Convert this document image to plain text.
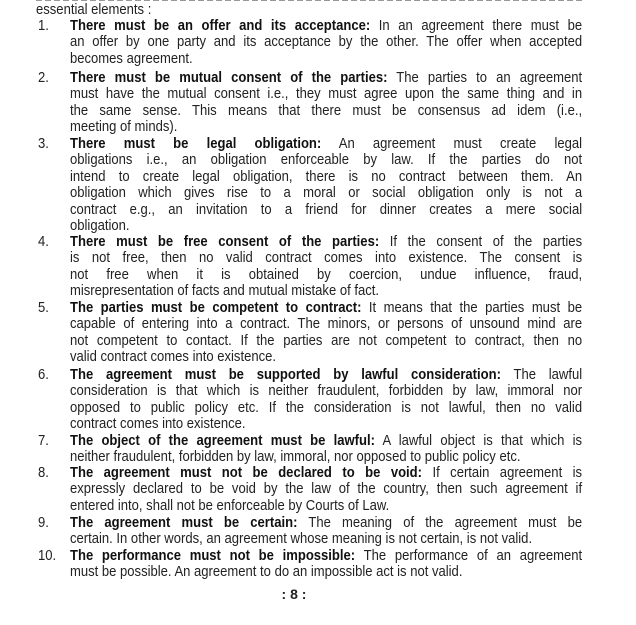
essential elements :
1. There must be an offer and its acceptance: In an agreement there must be
an offer by one party and its acceptance by the other. The offer when accepted
becomes agreement.
2. There must be mutual consent of the parties: The parties to an agreement
must have the mutual consent i.e., they must agree upon the same thing and in
the same sense. This means that there must be consensus ad idem (i.e.,
meeting of minds).
3. There must be legal obligation: An agreement must create legal
obligations i.e., an obligation enforceable by law. If the parties do not
intend to create legal obligation, there is no contract between them. An
obligation which gives rise to a moral or social obligation only is not a
contract e.g., an invitation to a friend for dinner creates a mere social
obligation.
4. There must be free consent of the parties: If the consent of the parties
is not free, then no valid contract comes into existence. The consent is
not free when it is obtained by coercion, undue influence, fraud,
misrepresentation of facts and mutual mistake of fact.
5. The parties must be competent to contract: It means that the parties must be
capable of entering into a contract. The minors, or persons of unsound mind are
not competent to contact. If the parties are not competent to contract, then no
valid contract comes into existence.
6. The agreement must be supported by lawful consideration: The lawful
consideration is that which is neither fraudulent, forbidden by law, immoral nor
opposed to public policy etc. If the consideration is not lawful, then no valid
contract comes into existence.
7. The object of the agreement must be lawful: A lawful object is that which is
neither fraudulent, forbidden by law, immoral, nor opposed to public policy etc.
8. The agreement must not be declared to be void: If certain agreement is
expressly declared to be void by the law of the country, then such agreement if
entered into, shall not be enforceable by Courts of Law.
9. The agreement must be certain: The meaning of the agreement must be
certain. In other words, an agreement whose meaning is not certain, is not valid.
10. The performance must not be impossible: The performance of an agreement
must be possible. An agreement to do an impossible act is not valid.
: 8 :
